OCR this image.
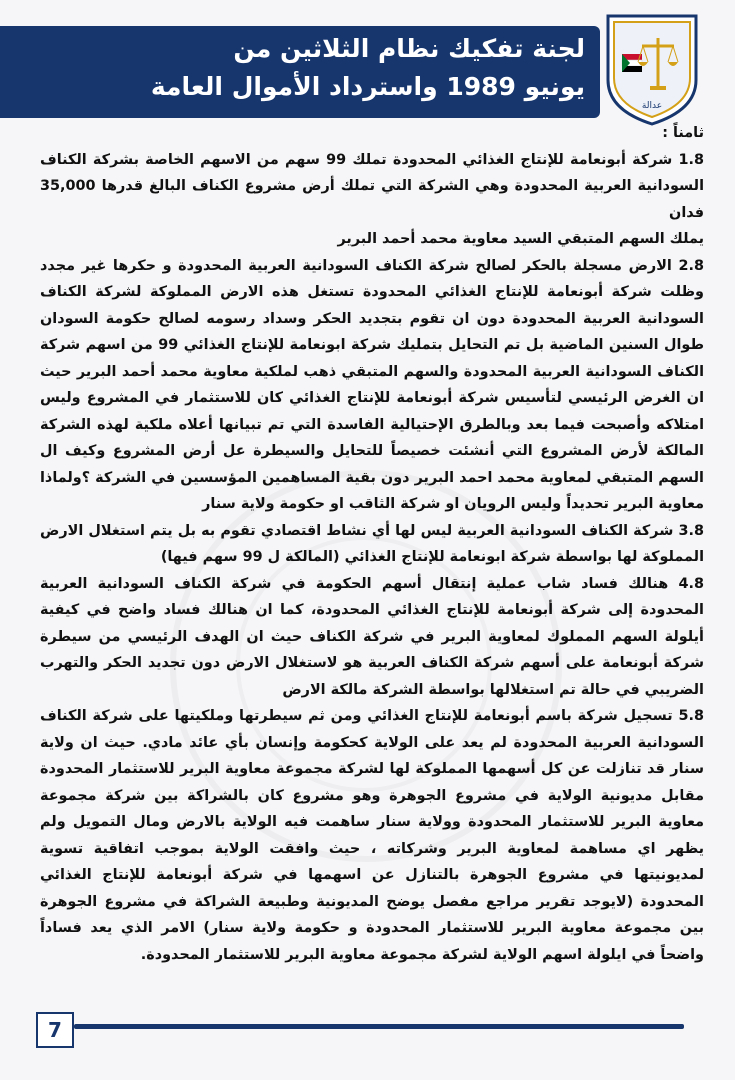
لجنة تفكيك نظام الثلاثين من
يونيو 1989 واسترداد الأموال العامة
عدالة

ثامناً :

1.8 شركة أبونعامة للإنتاج الغذائي المحدودة تملك 99 سهم من الاسهم الخاصة بشركة الكناف السودانية العربية المحدودة وهي الشركة التي تملك أرض مشروع الكناف البالغ قدرها 35,000 فدان

يملك السهم المتبقي السيد معاوية محمد أحمد البرير

2.8 الارض مسجلة بالحكر لصالح شركة الكناف السودانية العربية المحدودة و حكرها غير مجدد وظلت شركة أبونعامة للإنتاج الغذائي المحدودة تستغل هذه الارض المملوكة لشركة الكناف السودانية العربية المحدودة دون ان تقوم بتجديد الحكر وسداد رسومه لصالح حكومة السودان طوال السنين الماضية بل تم التحايل بتمليك شركة ابونعامة للإنتاج الغذائي 99 من اسهم شركة الكناف السودانية العربية المحدودة والسهم المتبقي ذهب لملكية معاوية محمد أحمد البرير حيث ان الغرض الرئيسي لتأسيس شركة أبونعامة للإنتاج الغذائي كان للاستثمار في المشروع وليس امتلاكه وأصبحت فيما بعد وبالطرق الإحتيالية الفاسدة التي تم تبيانها أعلاه ملكية لهذه الشركة المالكة لأرض المشروع التي أنشئت خصيصاً للتحايل والسيطرة عل أرض المشروع وكيف ال السهم المتبقي لمعاوية محمد احمد البرير دون بقية المساهمين المؤسسين في الشركة ؟ولماذا معاوية البرير تحديداً وليس الرويان او شركة الثاقب او حكومة ولاية سنار

3.8 شركة الكناف السودانية العربية ليس لها أي نشاط اقتصادي تقوم به بل يتم استغلال الارض المملوكة لها بواسطة شركة ابونعامة للإنتاج الغذائي (المالكة ل 99 سهم فيها)

4.8 هنالك فساد شاب عملية إنتقال أسهم الحكومة في شركة الكناف السودانية العربية المحدودة إلى شركة أبونعامة للإنتاج الغذائي المحدودة، كما ان هنالك فساد واضح في كيفية أيلولة السهم المملوك لمعاوية البرير في شركة الكناف حيث ان الهدف الرئيسي من سيطرة شركة أبونعامة على أسهم شركة الكناف العربية هو لاستغلال الارض دون تجديد الحكر والتهرب الضريبي في حالة تم استغلالها بواسطة الشركة مالكة الارض

5.8 تسجيل شركة باسم أبونعامة للإنتاج الغذائي ومن ثم سيطرتها وملكيتها على شركة الكناف السودانية العربية المحدودة لم يعد على الولاية كحكومة وإنسان بأي عائد مادي. حيث ان ولاية سنار قد تنازلت عن كل أسهمها المملوكة لها لشركة مجموعة معاوية البرير للاستثمار المحدودة مقابل مديونية الولاية في مشروع الجوهرة وهو مشروع كان بالشراكة بين شركة مجموعة معاوية البرير للاستثمار المحدودة وولاية سنار ساهمت فيه الولاية بالارض ومال التمويل ولم يظهر اي مساهمة لمعاوية البرير وشركاته ، حيث وافقت الولاية بموجب اتفاقية تسوية لمديونيتها في مشروع الجوهرة بالتنازل عن اسهمها في شركة أبونعامة للإنتاج الغذائي المحدودة (لايوجد تقرير مراجع مفصل يوضح المديونية وطبيعة الشراكة في مشروع الجوهرة بين مجموعة معاوية البرير للاستثمار المحدودة و حكومة ولاية سنار) الامر الذي يعد فساداً واضحاً في ايلولة اسهم الولاية لشركة مجموعة معاوية البرير للاستثمار المحدودة.

7
